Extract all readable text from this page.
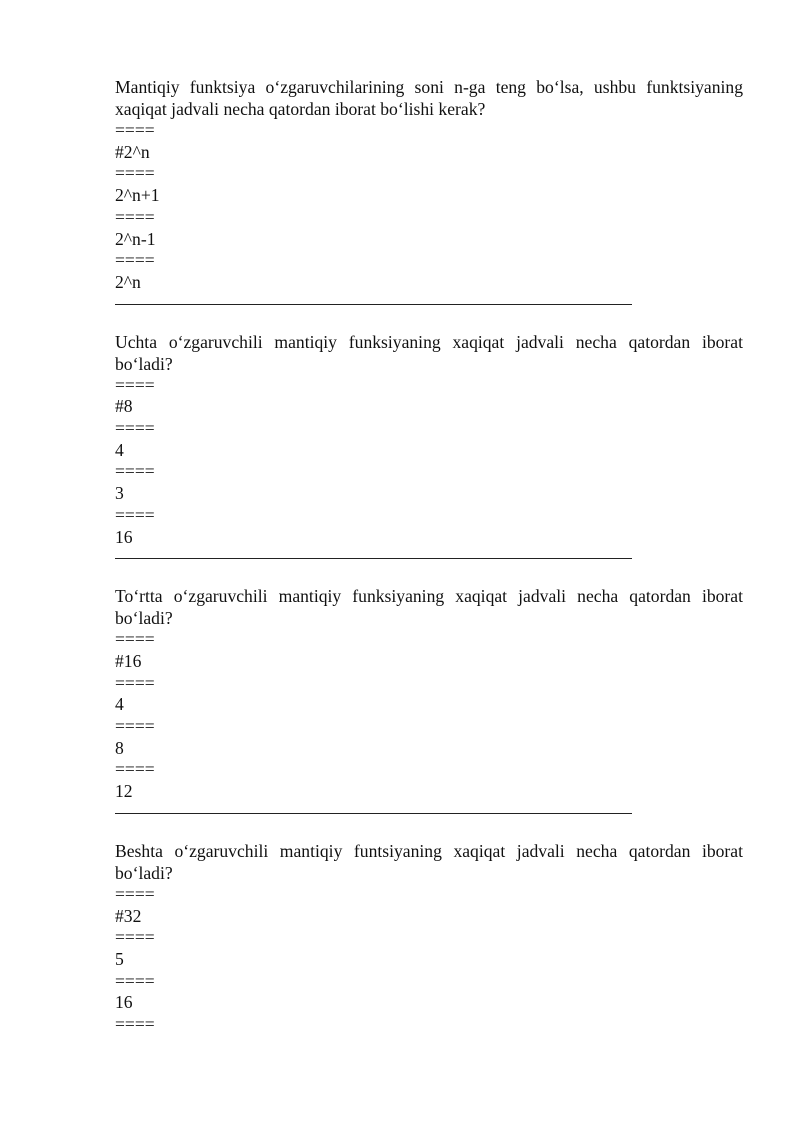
Mantiqiy funktsiya o‘zgaruvchilarining soni n-ga teng bo‘lsa, ushbu funktsiyaning xaqiqat jadvali necha qatordan iborat bo‘lishi kerak?

====

#2^n

====

2^n+1

====

2^n-1

====

2^n

Uchta o‘zgaruvchili mantiqiy funksiyaning xaqiqat jadvali necha qatordan iborat bo‘ladi?

====

#8

====

4

====

3

====

16

To‘rtta o‘zgaruvchili mantiqiy funksiyaning xaqiqat jadvali necha qatordan iborat bo‘ladi?

====

#16

====

4

====

8

====

12

Beshta o‘zgaruvchili mantiqiy funtsiyaning xaqiqat jadvali necha qatordan iborat bo‘ladi?

====

#32

====

5

====

16

====
